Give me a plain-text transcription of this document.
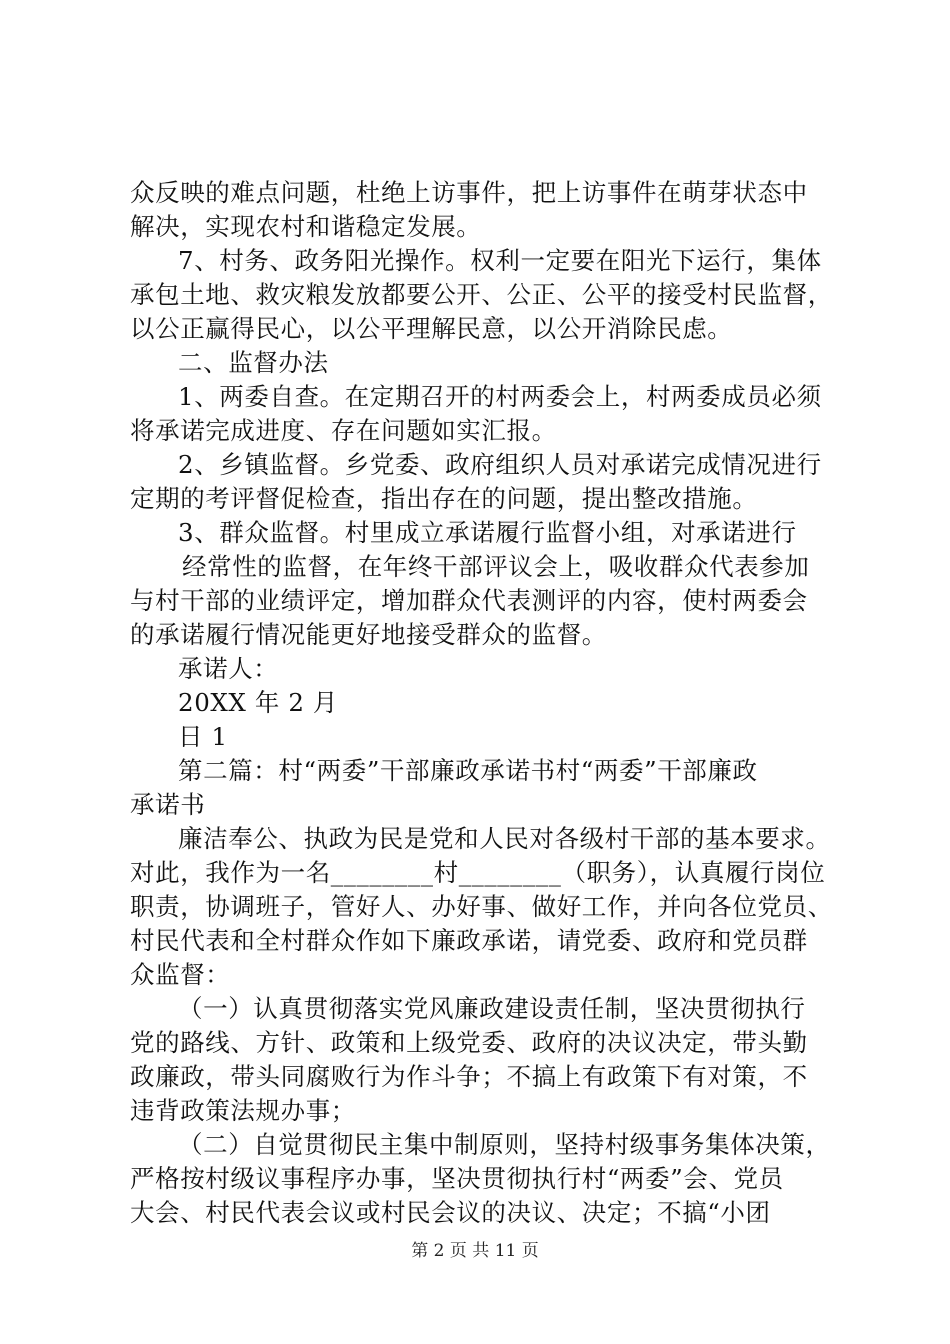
众反映的难点问题，杜绝上访事件，把上访事件在萌芽状态中
解决，实现农村和谐稳定发展。
7、村务、政务阳光操作。权利一定要在阳光下运行，集体
承包土地、救灾粮发放都要公开、公正、公平的接受村民监督，
以公正赢得民心，以公平理解民意，以公开消除民虑。
二、监督办法
1、两委自查。在定期召开的村两委会上，村两委成员必须
将承诺完成进度、存在问题如实汇报。
2、乡镇监督。乡党委、政府组织人员对承诺完成情况进行
定期的考评督促检查，指出存在的问题，提出整改措施。
3、群众监督。村里成立承诺履行监督小组，对承诺进行
经常性的监督，在年终干部评议会上，吸收群众代表参加
与村干部的业绩评定，增加群众代表测评的内容，使村两委会
的承诺履行情况能更好地接受群众的监督。
承诺人：
20XX 年 2 月
日 1
第二篇：村“两委”干部廉政承诺书村“两委”干部廉政
承诺书
廉洁奉公、执政为民是党和人民对各级村干部的基本要求。
对此，我作为一名________村________（职务），认真履行岗位
职责，协调班子，管好人、办好事、做好工作，并向各位党员、
村民代表和全村群众作如下廉政承诺，请党委、政府和党员群
众监督：
（一）认真贯彻落实党风廉政建设责任制，坚决贯彻执行
党的路线、方针、政策和上级党委、政府的决议决定，带头勤
政廉政，带头同腐败行为作斗争；不搞上有政策下有对策，不
违背政策法规办事；
（二）自觉贯彻民主集中制原则，坚持村级事务集体决策，
严格按村级议事程序办事，坚决贯彻执行村“两委”会、党员
大会、村民代表会议或村民会议的决议、决定；不搞“小团
第 2 页 共 11 页
